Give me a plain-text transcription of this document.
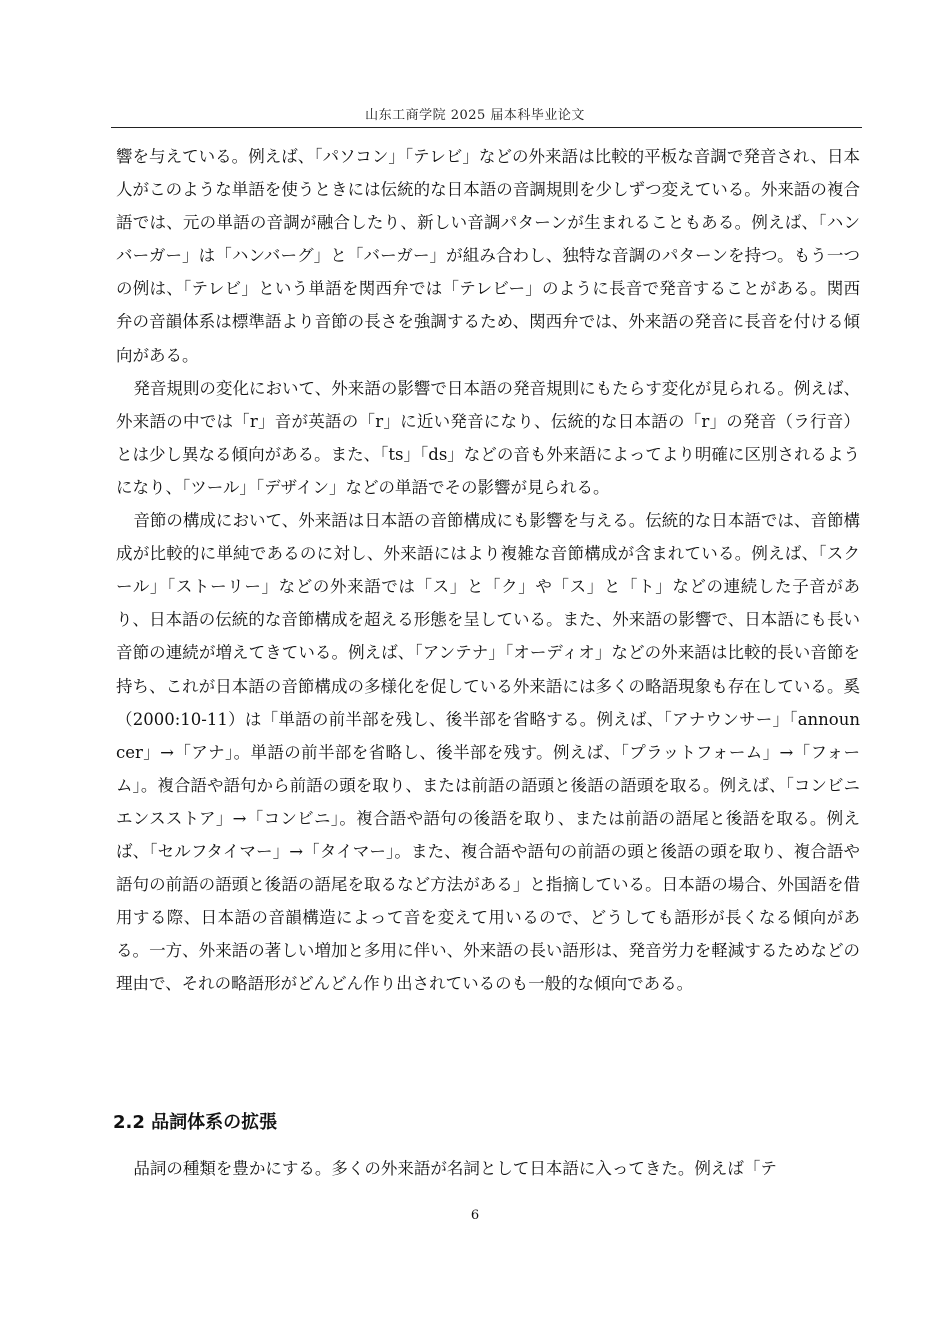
山东工商学院 2025 届本科毕业论文

響を与えている。例えば、「パソコン」「テレビ」などの外来語は比較的平板な音調で発音され、日本人がこのような単語を使うときには伝統的な日本語の音調規則を少しずつ変えている。外来語の複合語では、元の単語の音調が融合したり、新しい音調パターンが生まれることもある。例えば、「ハンバーガー」は「ハンバーグ」と「バーガー」が組み合わし、独特な音調のパターンを持つ。もう一つの例は、「テレビ」という単語を関西弁では「テレビー」のように長音で発音することがある。関西弁の音韻体系は標準語より音節の長さを強調するため、関西弁では、外来語の発音に長音を付ける傾向がある。

発音規則の変化において、外来語の影響で日本語の発音規則にもたらす変化が見られる。例えば、外来語の中では「r」音が英語の「r」に近い発音になり、伝統的な日本語の「r」の発音（ラ行音）とは少し異なる傾向がある。また、「ts」「ds」などの音も外来語によってより明確に区別されるようになり、「ツール」「デザイン」などの単語でその影響が見られる。

音節の構成において、外来語は日本語の音節構成にも影響を与える。伝統的な日本語では、音節構成が比較的に単純であるのに対し、外来語にはより複雑な音節構成が含まれている。例えば、「スクール」「ストーリー」などの外来語では「ス」と「ク」や「ス」と「ト」などの連続した子音があり、日本語の伝統的な音節構成を超える形態を呈している。また、外来語の影響で、日本語にも長い音節の連続が増えてきている。例えば、「アンテナ」「オーディオ」などの外来語は比較的長い音節を持ち、これが日本語の音節構成の多様化を促している外来語には多くの略語現象も存在している。奚（2000:10-11）は「単語の前半部を残し、後半部を省略する。例えば、「アナウンサー」「announcer」→「アナ」。単語の前半部を省略し、後半部を残す。例えば、「プラットフォーム」→「フォーム」。複合語や語句から前語の頭を取り、または前語の語頭と後語の語頭を取る。例えば、「コンビニエンスストア」→「コンビニ」。複合語や語句の後語を取り、または前語の語尾と後語を取る。例えば、「セルフタイマー」→「タイマー」。また、複合語や語句の前語の頭と後語の頭を取り、複合語や語句の前語の語頭と後語の語尾を取るなど方法がある」と指摘している。日本語の場合、外国語を借用する際、日本語の音韻構造によって音を変えて用いるので、どうしても語形が長くなる傾向がある。一方、外来語の著しい増加と多用に伴い、外来語の長い語形は、発音労力を軽減するためなどの理由で、それの略語形がどんどん作り出されているのも一般的な傾向である。

2.2 品詞体系の拡張

品詞の種類を豊かにする。多くの外来語が名詞として日本語に入ってきた。例えば「テ

6
